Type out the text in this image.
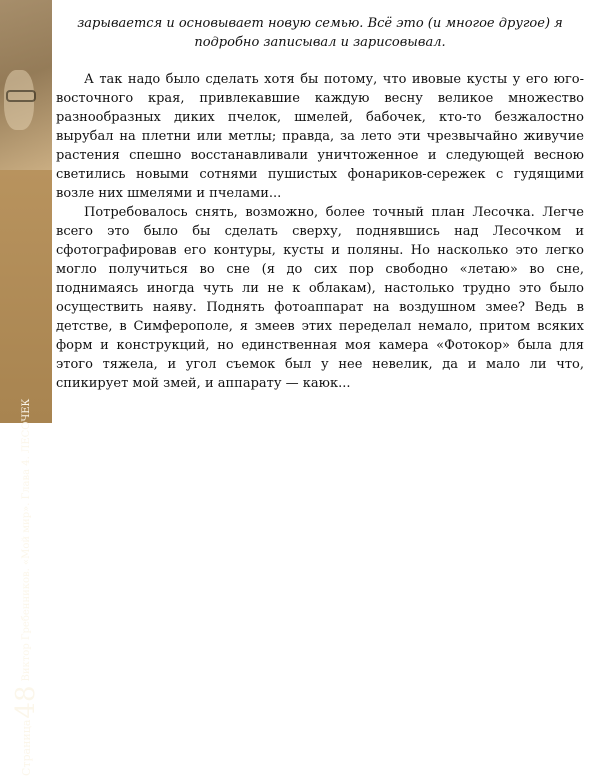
Страница
48
Виктор Гребенников. «Мой мир». Глава 4. ЛЕСОЧЕК

зарывается и основывает новую семью. Всё это (и многое другое) я подробно записывал и зарисовывал.

А так надо было сделать хотя бы потому, что ивовые кусты у его юго-восточного края, привлекавшие каждую весну великое множество разнообразных диких пчелок, шмелей, бабочек, кто-то безжалостно вырубал на плетни или метлы; правда, за лето эти чрезвычайно живучие растения спешно восстанавливали уничтоженное и следующей весною светились новыми сотнями пушистых фонариков-сережек с гудящими возле них шмелями и пчелами...

Потребовалось снять, возможно, более точный план Лесочка. Легче всего это было бы сделать сверху, поднявшись над Лесочком и сфотографировав его контуры, кусты и поляны. Но насколько это легко могло получиться во сне (я до сих пор свободно «летаю» во сне, поднимаясь иногда чуть ли не к облакам), настолько трудно это было осуществить наяву. Поднять фотоаппарат на воздушном змее? Ведь в детстве, в Симферополе, я змеев этих переделал немало, притом всяких форм и конструкций, но единственная моя камера «Фотокор» была для этого тяжела, и угол съемок был у нее невелик, да и мало ли что, спикирует мой змей, и аппарату — каюк...
